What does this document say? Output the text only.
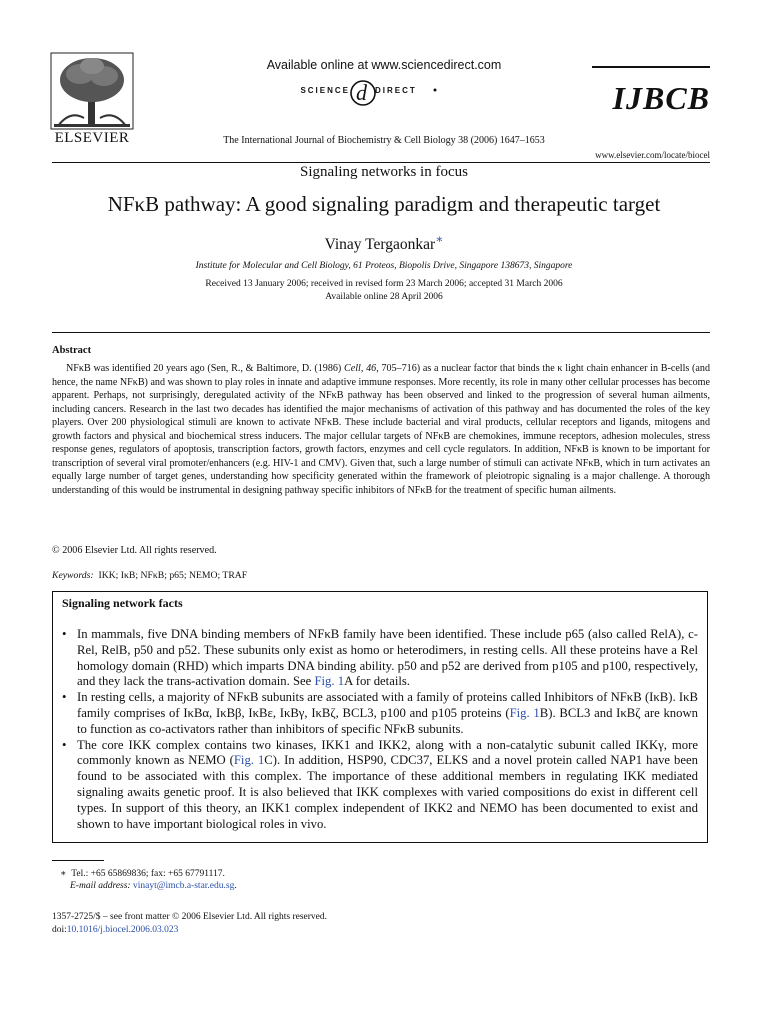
ELSEVIER
Available online at www.sciencedirect.com
SCIENCE d DIRECT
The International Journal of Biochemistry & Cell Biology 38 (2006) 1647–1653
IJBCB
www.elsevier.com/locate/biocel
Signaling networks in focus
NFκB pathway: A good signaling paradigm and therapeutic target
Vinay Tergaonkar∗
Institute for Molecular and Cell Biology, 61 Proteos, Biopolis Drive, Singapore 138673, Singapore
Received 13 January 2006; received in revised form 23 March 2006; accepted 31 March 2006
Available online 28 April 2006
Abstract

NFκB was identified 20 years ago (Sen, R., & Baltimore, D. (1986) Cell, 46, 705–716) as a nuclear factor that binds the κ light chain enhancer in B-cells (and hence, the name NFκB) and was shown to play roles in innate and adaptive immune responses. More recently, its role in many other cellular processes has become apparent. Perhaps, not surprisingly, deregulated activity of the NFκB pathway has been observed and linked to the progression of several human ailments, including cancers. Research in the last two decades has identified the major mechanisms of activation of this pathway and has documented the roles of the key players. Over 200 physiological stimuli are known to activate NFκB. These include bacterial and viral products, cellular receptors and ligands, mitogens and growth factors and physical and biochemical stress inducers. The major cellular targets of NFκB are chemokines, immune receptors, adhesion molecules, stress response genes, regulators of apoptosis, transcription factors, growth factors, enzymes and cell cycle regulators. In addition, NFκB is known to be important for transcription of several viral promoter/enhancers (e.g. HIV-1 and CMV). Given that, such a large number of stimuli can activate NFκB, which in turn activates an equally large number of target genes, understanding how specificity generated within the framework of pleiotropic signaling is a major challenge. A thorough understanding of this would be instrumental in designing pathway specific inhibitors of NFκB for the treatment of specific human ailments.

© 2006 Elsevier Ltd. All rights reserved.
Keywords: IKK; IκB; NFκB; p65; NEMO; TRAF
Signaling network facts
• In mammals, five DNA binding members of NFκB family have been identified. These include p65 (also called RelA), c-Rel, RelB, p50 and p52. These subunits only exist as homo or heterodimers, in resting cells. All these proteins have a Rel homology domain (RHD) which imparts DNA binding ability. p50 and p52 are derived from p105 and p100, respectively, and they lack the trans-activation domain. See Fig. 1A for details.
• In resting cells, a majority of NFκB subunits are associated with a family of proteins called Inhibitors of NFκB (IκB). IκB family comprises of IκBα, IκBβ, IκBε, IκBγ, IκBζ, BCL3, p100 and p105 proteins (Fig. 1B). BCL3 and IκBζ are known to function as co-activators rather than inhibitors of specific NFκB subunits.
• The core IKK complex contains two kinases, IKK1 and IKK2, along with a non-catalytic subunit called IKKγ, more commonly known as NEMO (Fig. 1C). In addition, HSP90, CDC37, ELKS and a novel protein called NAP1 have been found to be associated with this complex. The importance of these additional members in regulating IKK mediated signaling awaits genetic proof. It is also believed that IKK complexes with varied compositions do exist in different cell types. In support of this theory, an IKK1 complex independent of IKK2 and NEMO has been documented to exist and shown to have important biological roles in vivo.
∗ Tel.: +65 65869836; fax: +65 67791117.
E-mail address: vinayt@imcb.a-star.edu.sg.
1357-2725/$ – see front matter © 2006 Elsevier Ltd. All rights reserved.
doi:10.1016/j.biocel.2006.03.023
